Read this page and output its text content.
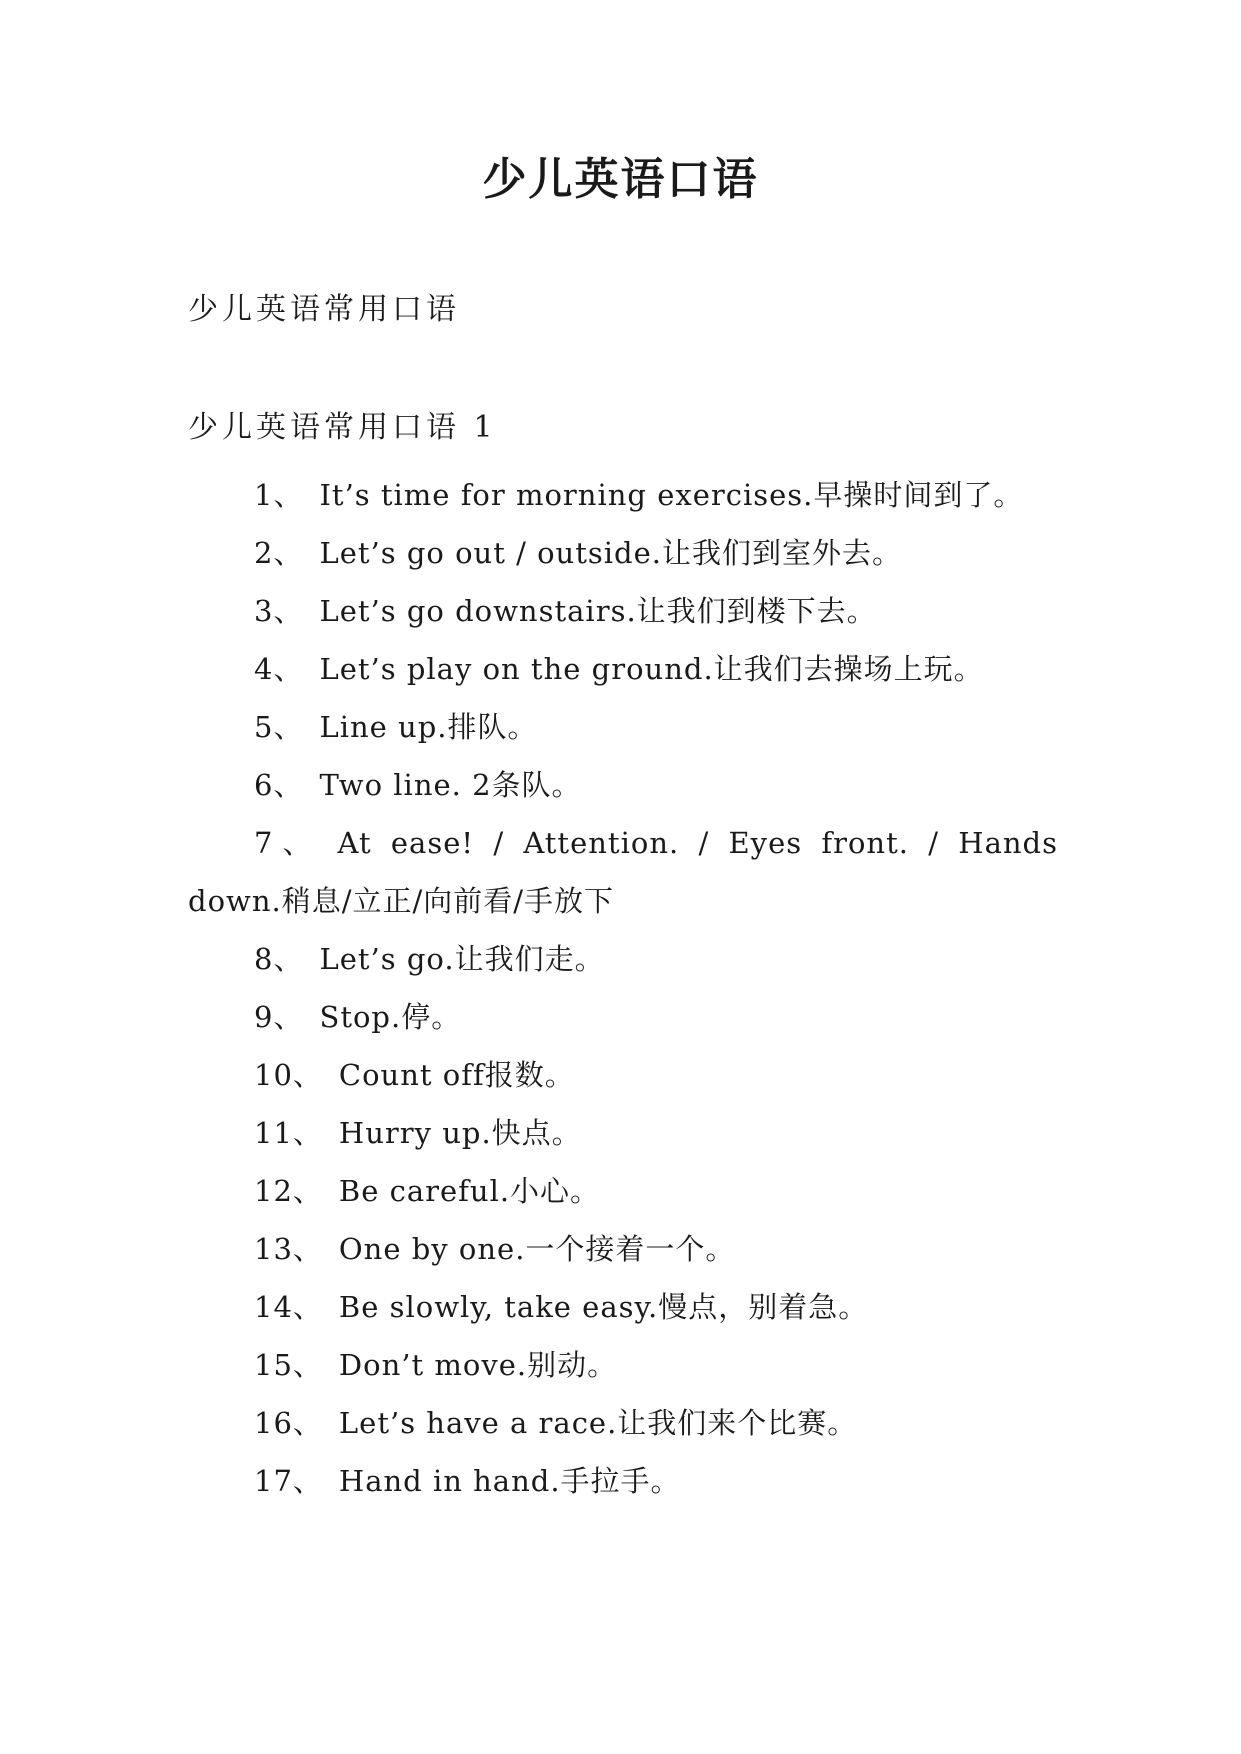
少儿英语口语
少儿英语常用口语
少儿英语常用口语 1

1、 It’s time for morning exercises.早操时间到了。

2、 Let’s go out / outside.让我们到室外去。

3、 Let’s go downstairs.让我们到楼下去。

4、 Let’s play on the ground.让我们去操场上玩。

5、 Line up.排队。

6、 Two line. 2条队。

7、 At ease! / Attention. / Eyes front. / Hands down.稍息/立正/向前看/手放下

8、 Let’s go.让我们走。

9、 Stop.停。

10、 Count off报数。

11、 Hurry up.快点。

12、 Be careful.小心。

13、 One by one.一个接着一个。

14、 Be slowly, take easy.慢点，别着急。

15、 Don’t move.别动。

16、 Let’s have a race.让我们来个比赛。

17、 Hand in hand.手拉手。
